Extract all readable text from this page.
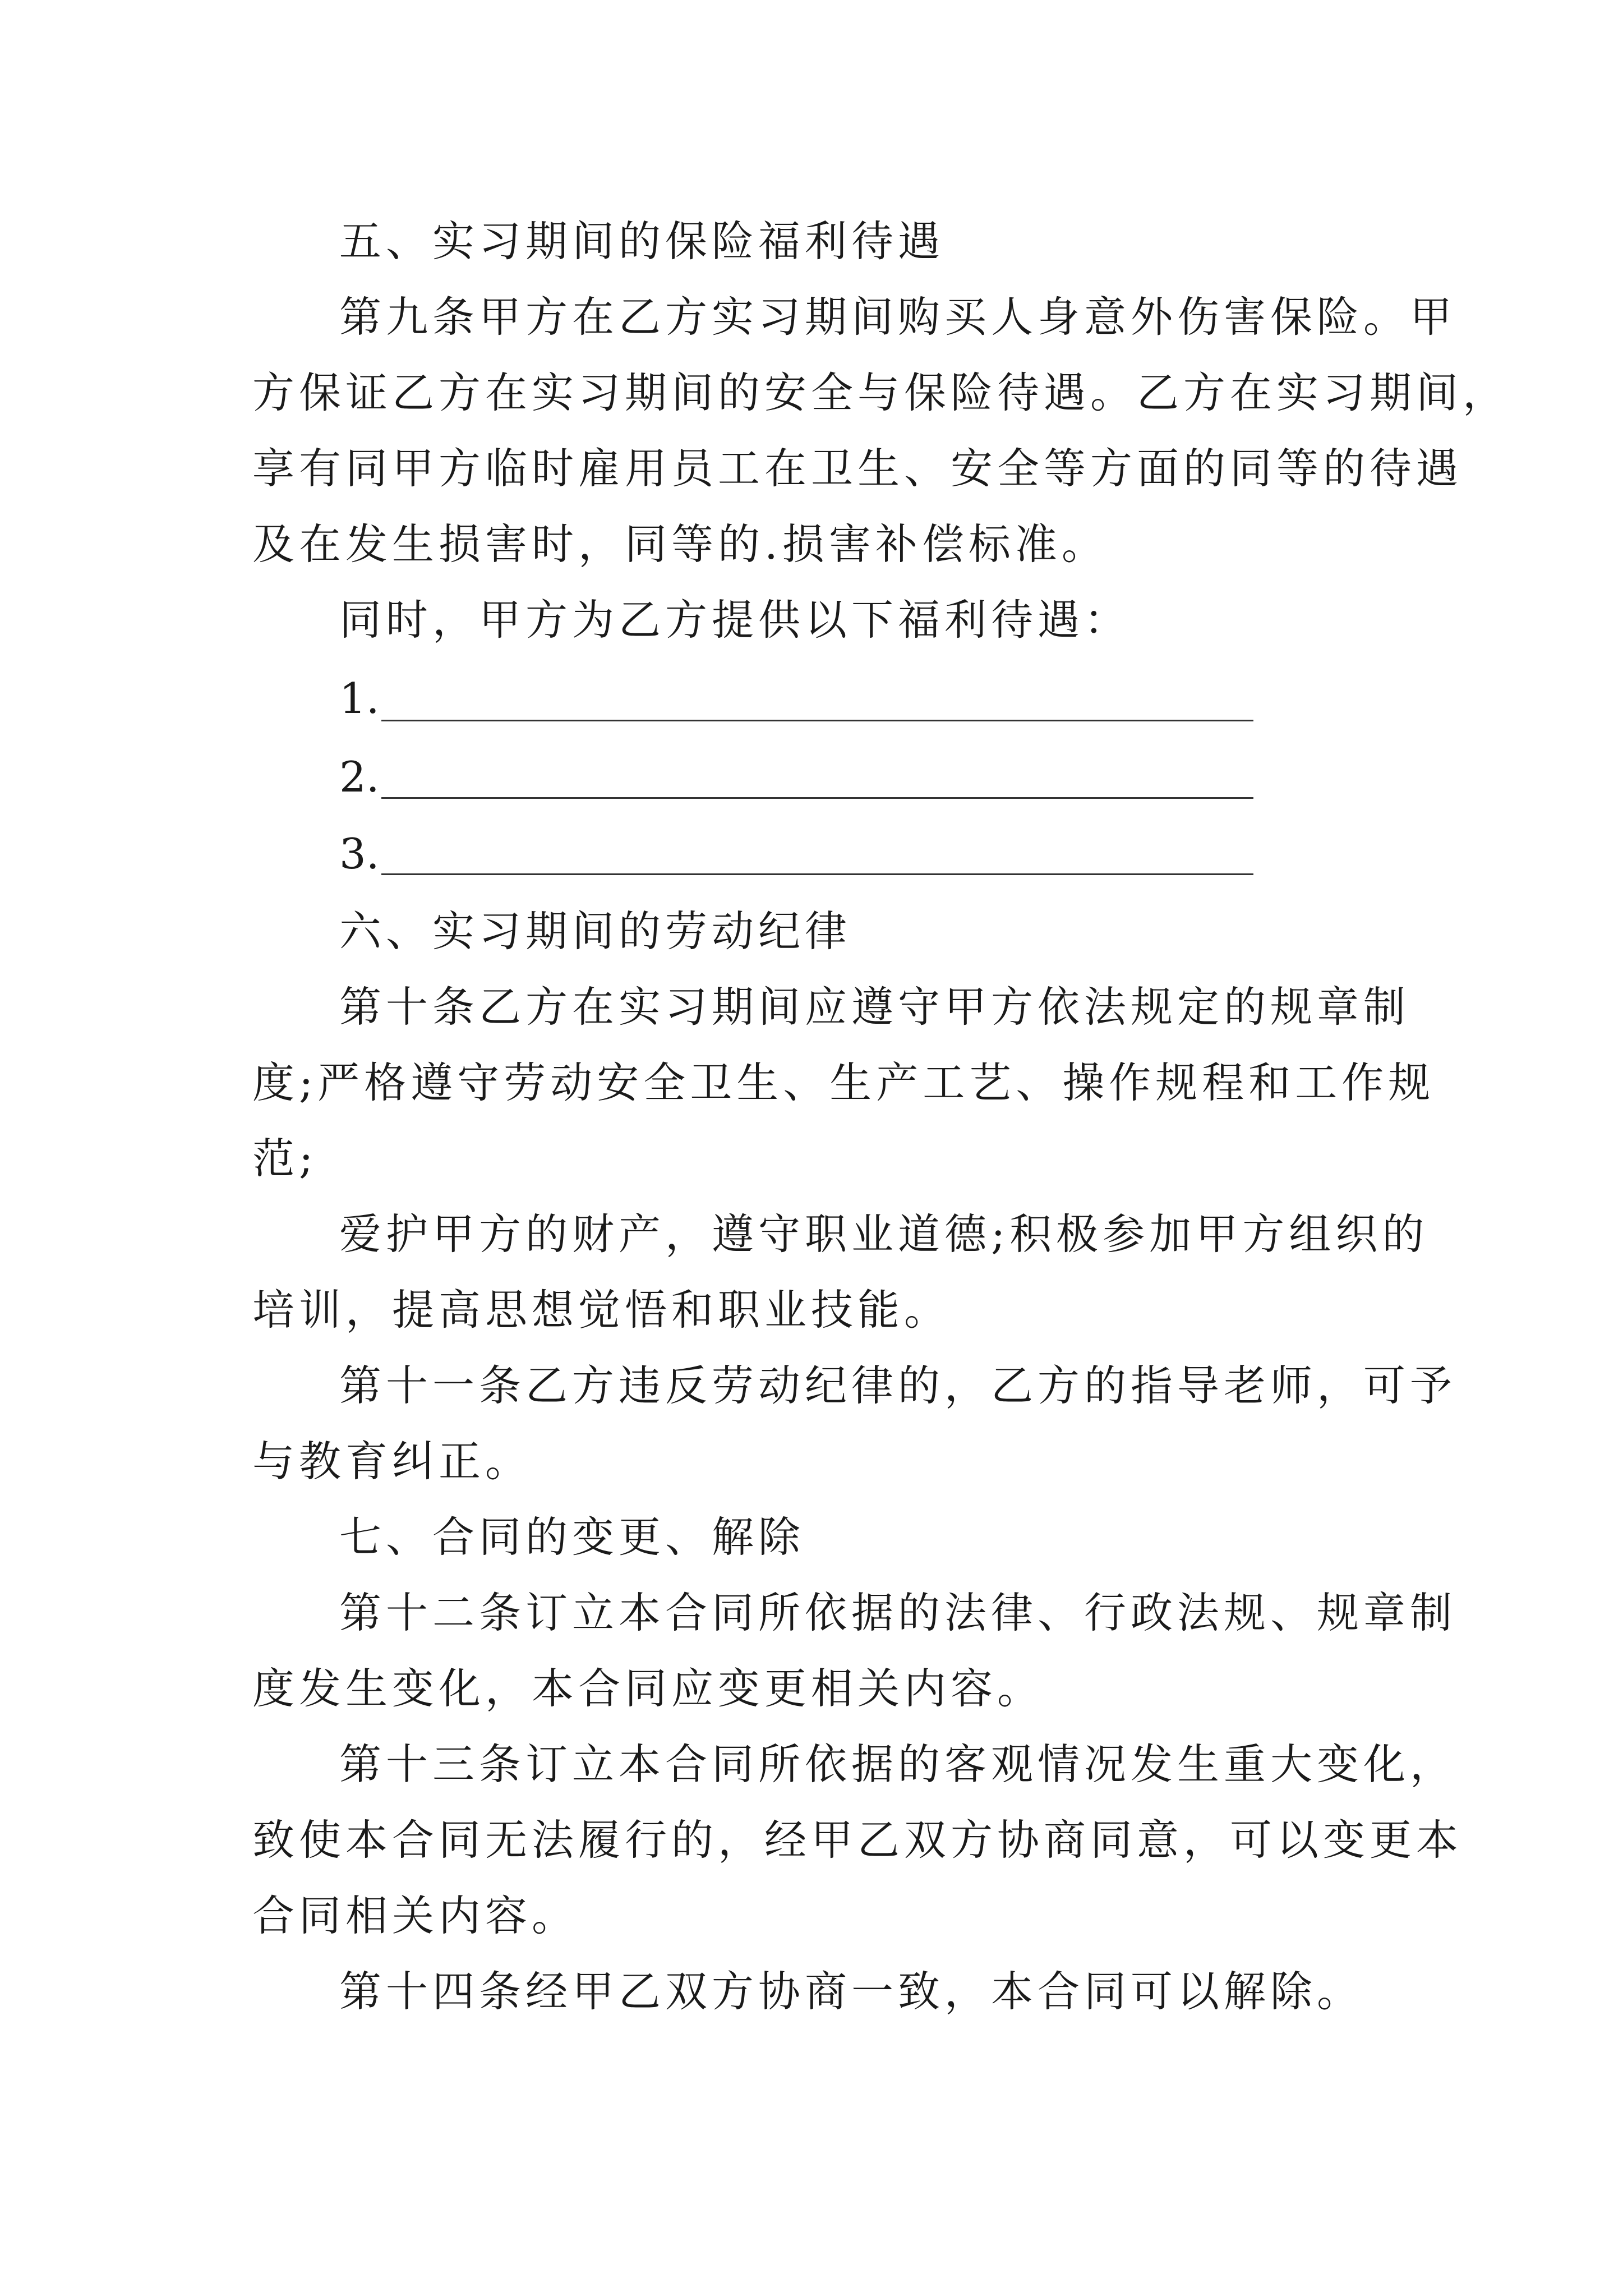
五、实习期间的保险福利待遇
第九条甲方在乙方实习期间购买人身意外伤害保险。甲
方保证乙方在实习期间的安全与保险待遇。乙方在实习期间，
享有同甲方临时雇用员工在卫生、安全等方面的同等的待遇
及在发生损害时，同等的.损害补偿标准。
同时，甲方为乙方提供以下福利待遇：
1.
2.
3.
六、实习期间的劳动纪律
第十条乙方在实习期间应遵守甲方依法规定的规章制
度;严格遵守劳动安全卫生、生产工艺、操作规程和工作规
范;
爱护甲方的财产，遵守职业道德;积极参加甲方组织的
培训，提高思想觉悟和职业技能。
第十一条乙方违反劳动纪律的，乙方的指导老师，可予
与教育纠正。
七、合同的变更、解除
第十二条订立本合同所依据的法律、行政法规、规章制
度发生变化，本合同应变更相关内容。
第十三条订立本合同所依据的客观情况发生重大变化，
致使本合同无法履行的，经甲乙双方协商同意，可以变更本
合同相关内容。
第十四条经甲乙双方协商一致，本合同可以解除。
